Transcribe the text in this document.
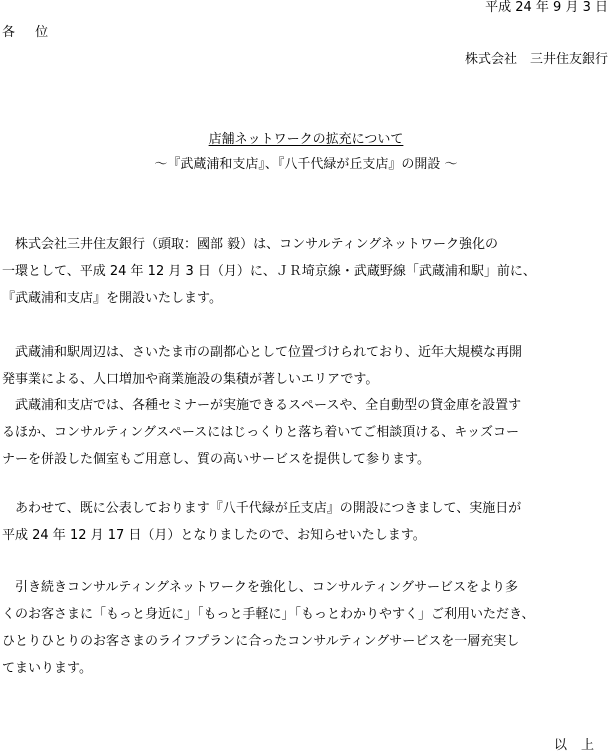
平成 24 年 9 月 3 日
各 位
株式会社　三井住友銀行
店舗ネットワークの拡充について
～『武蔵浦和支店』、『八千代緑が丘支店』の開設 ～
　株式会社三井住友銀行（頭取：國部 毅）は、コンサルティングネットワーク強化の
一環として、平成 24 年 12 月 3 日（月）に、ＪＲ埼京線・武蔵野線「武蔵浦和駅」前に、
『武蔵浦和支店』を開設いたします。
　武蔵浦和駅周辺は、さいたま市の副都心として位置づけられており、近年大規模な再開
発事業による、人口増加や商業施設の集積が著しいエリアです。
　武蔵浦和支店では、各種セミナーが実施できるスペースや、全自動型の貸金庫を設置す
るほか、コンサルティングスペースにはじっくりと落ち着いてご相談頂ける、キッズコー
ナーを併設した個室もご用意し、質の高いサービスを提供して参ります。
　あわせて、既に公表しております『八千代緑が丘支店』の開設につきまして、実施日が
平成 24 年 12 月 17 日（月）となりましたので、お知らせいたします。
　引き続きコンサルティングネットワークを強化し、コンサルティングサービスをより多
くのお客さまに「もっと身近に」「もっと手軽に」「もっとわかりやすく」ご利用いただき、
ひとりひとりのお客さまのライフプランに合ったコンサルティングサービスを一層充実し
てまいります。
以上
